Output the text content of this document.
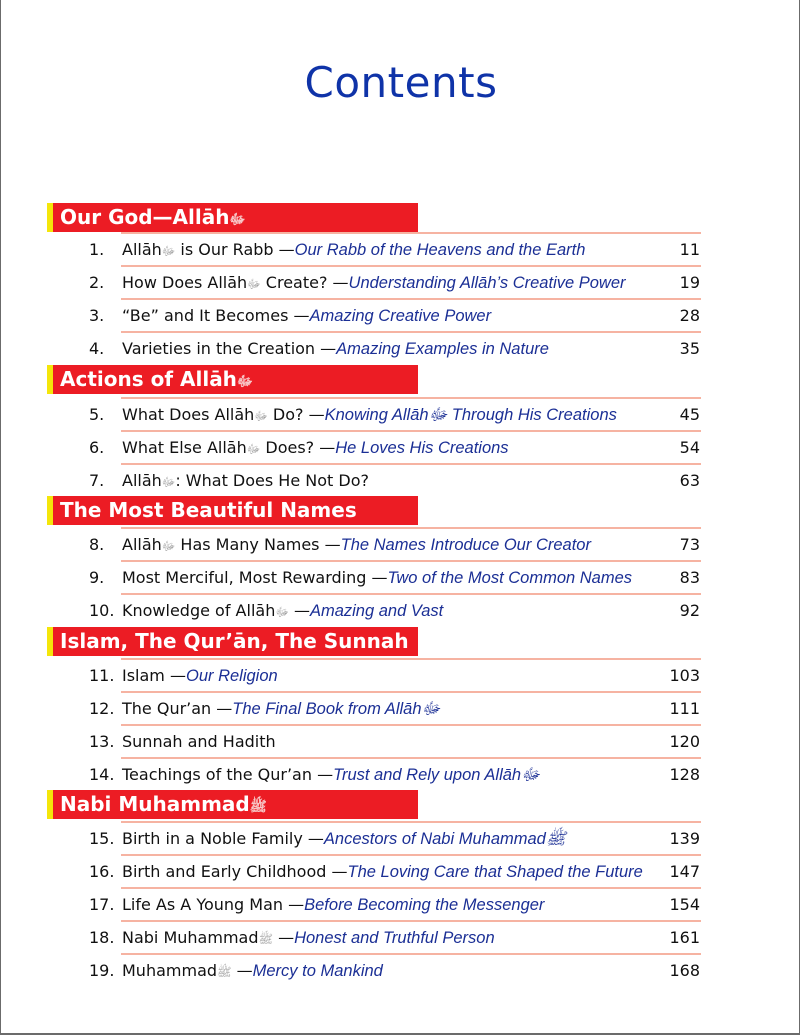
Contents
Our God—Allāhﷻ
1. Allāhﷻ is Our Rabb —Our Rabb of the Heavens and the Earth	11
2. How Does Allāhﷻ Create? —Understanding Allāh’s Creative Power	19
3. “Be” and It Becomes —Amazing Creative Power	28
4. Varieties in the Creation —Amazing Examples in Nature	35
Actions of Allāhﷻ
5. What Does Allāhﷻ Do? —Knowing Allāhﷻ Through His Creations	45
6. What Else Allāhﷻ Does? —He Loves His Creations	54
7. Allāhﷻ: What Does He Not Do?	63
The Most Beautiful Names
8. Allāhﷻ Has Many Names —The Names Introduce Our Creator	73
9. Most Merciful, Most Rewarding —Two of the Most Common Names	83
10. Knowledge of Allāhﷻ —Amazing and Vast	92
Islam, The Qur’ān, The Sunnah
11. Islam —Our Religion	103
12. The Qur’an —The Final Book from Allāhﷻ	111
13. Sunnah and Hadith	120
14. Teachings of the Qur’an —Trust and Rely upon Allāhﷻ	128
Nabi Muhammadﷺ
15. Birth in a Noble Family —Ancestors of Nabi Muhammadﷺ	139
16. Birth and Early Childhood —The Loving Care that Shaped the Future 147
17. Life As A Young Man —Before Becoming the Messenger	154
18. Nabi Muhammadﷺ —Honest and Truthful Person	161
19. Muhammadﷺ —Mercy to Mankind	168
